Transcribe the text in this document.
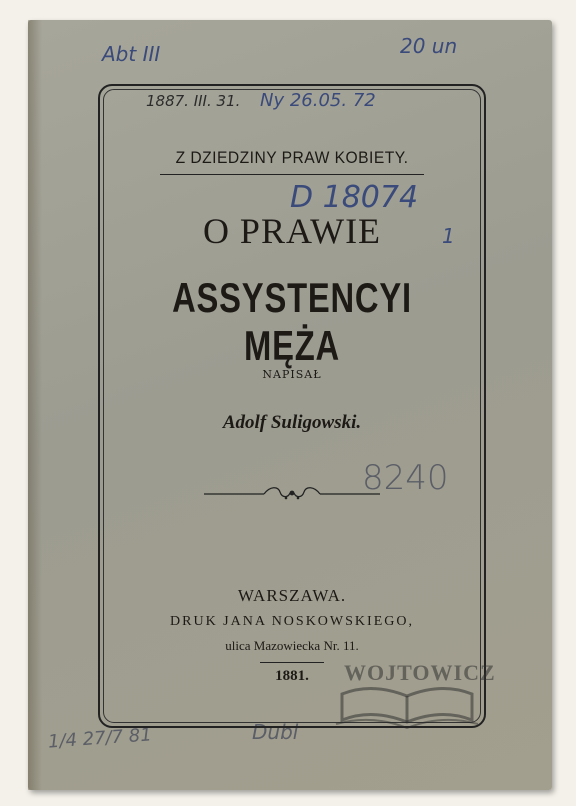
20 un
Abt III
1887. III. 31. Ny 26.05. 72
D 18074
1
8240
1/4 27/7 81	Dubl
Z DZIEDZINY PRAW KOBIETY.
O PRAWIE
ASSYSTENCYI MĘŻA
NAPISAŁ
Adolf Suligowski.
WARSZAWA.
DRUK JANA NOSKOWSKIEGO,
ulica Mazowiecka Nr. 11.
1881.	WOJTOWICZ
